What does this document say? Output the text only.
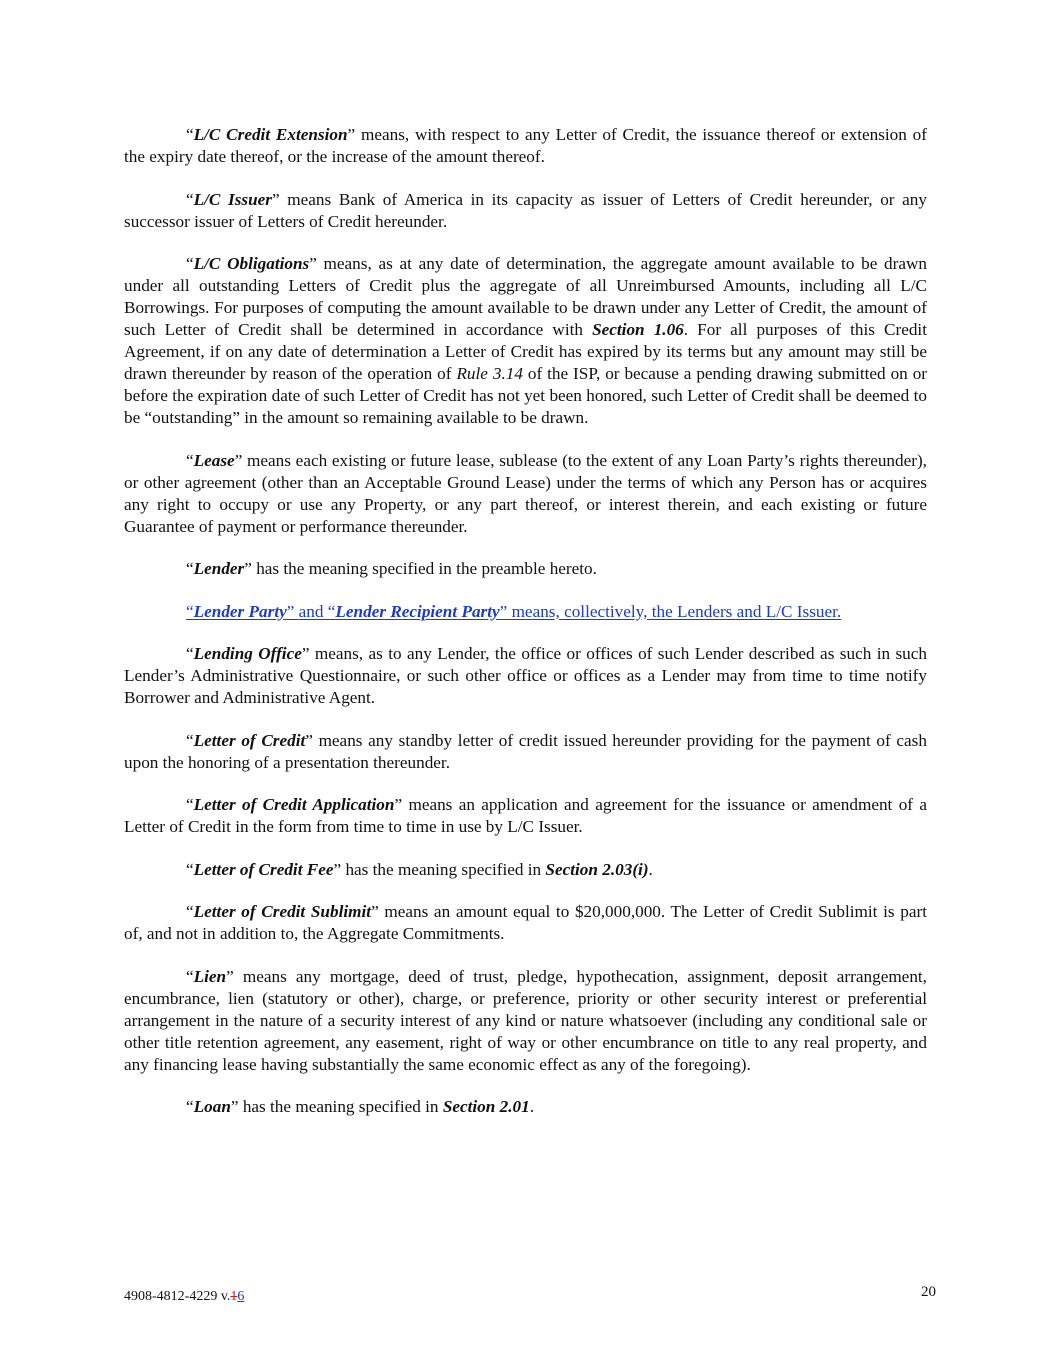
“L/C Credit Extension” means, with respect to any Letter of Credit, the issuance thereof or extension of the expiry date thereof, or the increase of the amount thereof.

“L/C Issuer” means Bank of America in its capacity as issuer of Letters of Credit hereunder, or any successor issuer of Letters of Credit hereunder.

“L/C Obligations” means, as at any date of determination, the aggregate amount available to be drawn under all outstanding Letters of Credit plus the aggregate of all Unreimbursed Amounts, including all L/C Borrowings. For purposes of computing the amount available to be drawn under any Letter of Credit, the amount of such Letter of Credit shall be determined in accordance with Section 1.06. For all purposes of this Credit Agreement, if on any date of determination a Letter of Credit has expired by its terms but any amount may still be drawn thereunder by reason of the operation of Rule 3.14 of the ISP, or because a pending drawing submitted on or before the expiration date of such Letter of Credit has not yet been honored, such Letter of Credit shall be deemed to be “outstanding” in the amount so remaining available to be drawn.

“Lease” means each existing or future lease, sublease (to the extent of any Loan Party’s rights thereunder), or other agreement (other than an Acceptable Ground Lease) under the terms of which any Person has or acquires any right to occupy or use any Property, or any part thereof, or interest therein, and each existing or future Guarantee of payment or performance thereunder.

“Lender” has the meaning specified in the preamble hereto.

“Lender Party” and “Lender Recipient Party” means, collectively, the Lenders and L/C Issuer.

“Lending Office” means, as to any Lender, the office or offices of such Lender described as such in such Lender’s Administrative Questionnaire, or such other office or offices as a Lender may from time to time notify Borrower and Administrative Agent.

“Letter of Credit” means any standby letter of credit issued hereunder providing for the payment of cash upon the honoring of a presentation thereunder.

“Letter of Credit Application” means an application and agreement for the issuance or amendment of a Letter of Credit in the form from time to time in use by L/C Issuer.

“Letter of Credit Fee” has the meaning specified in Section 2.03(i).

“Letter of Credit Sublimit” means an amount equal to $20,000,000. The Letter of Credit Sublimit is part of, and not in addition to, the Aggregate Commitments.

“Lien” means any mortgage, deed of trust, pledge, hypothecation, assignment, deposit arrangement, encumbrance, lien (statutory or other), charge, or preference, priority or other security interest or preferential arrangement in the nature of a security interest of any kind or nature whatsoever (including any conditional sale or other title retention agreement, any easement, right of way or other encumbrance on title to any real property, and any financing lease having substantially the same economic effect as any of the foregoing).

“Loan” has the meaning specified in Section 2.01.

4908-4812-4229 v.16	20
